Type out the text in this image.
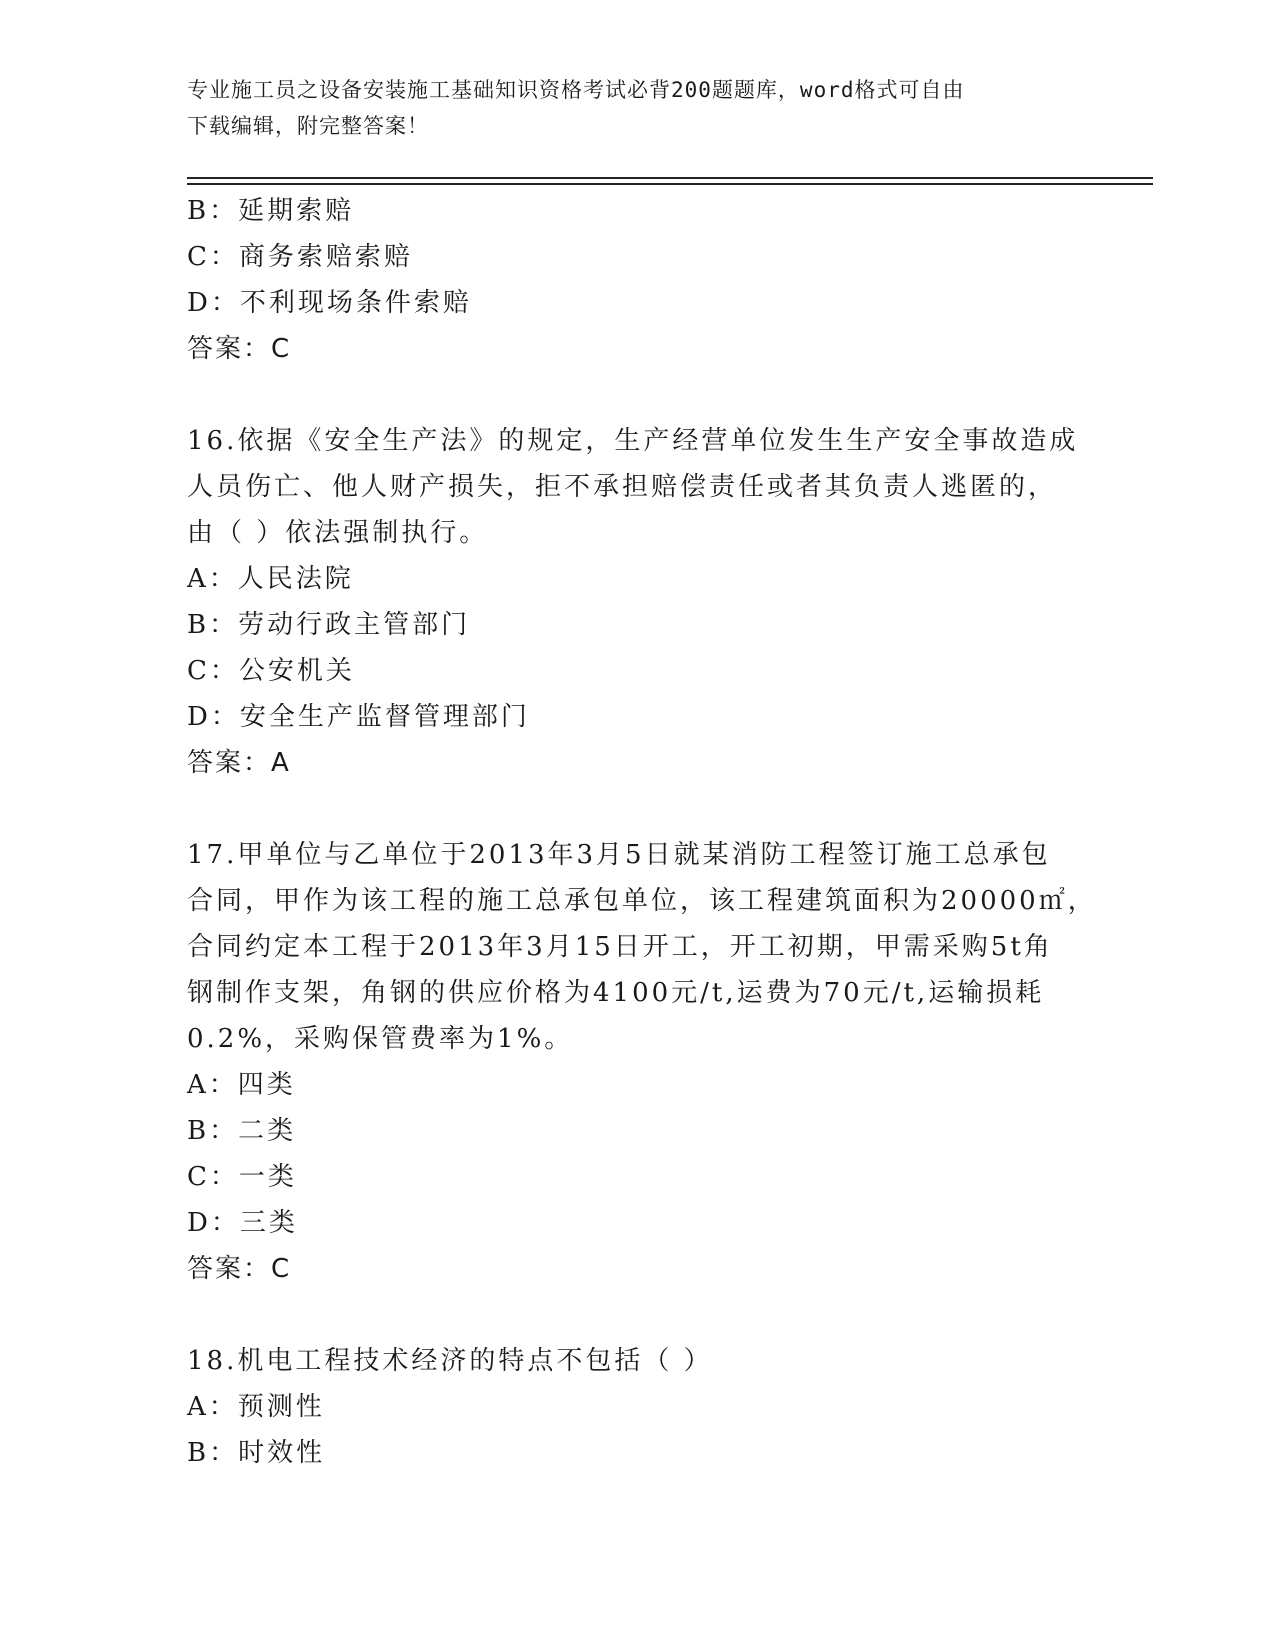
专业施工员之设备安装施工基础知识资格考试必背200题题库，word格式可自由
下载编辑，附完整答案！
B：延期索赔
C：商务索赔索赔
D：不利现场条件索赔
答案：C
16.依据《安全生产法》的规定，生产经营单位发生生产安全事故造成
人员伤亡、他人财产损失，拒不承担赔偿责任或者其负责人逃匿的，
由（ ）依法强制执行。
A：人民法院
B：劳动行政主管部门
C：公安机关
D：安全生产监督管理部门
答案：A
17.甲单位与乙单位于2013年3月5日就某消防工程签订施工总承包
合同，甲作为该工程的施工总承包单位，该工程建筑面积为20000㎡，
合同约定本工程于2013年3月15日开工，开工初期，甲需采购5t角
钢制作支架，角钢的供应价格为4100元/t,运费为70元/t,运输损耗
0.2%，采购保管费率为1%。
A：四类
B：二类
C：一类
D：三类
答案：C
18.机电工程技术经济的特点不包括（ ）
A：预测性
B：时效性
